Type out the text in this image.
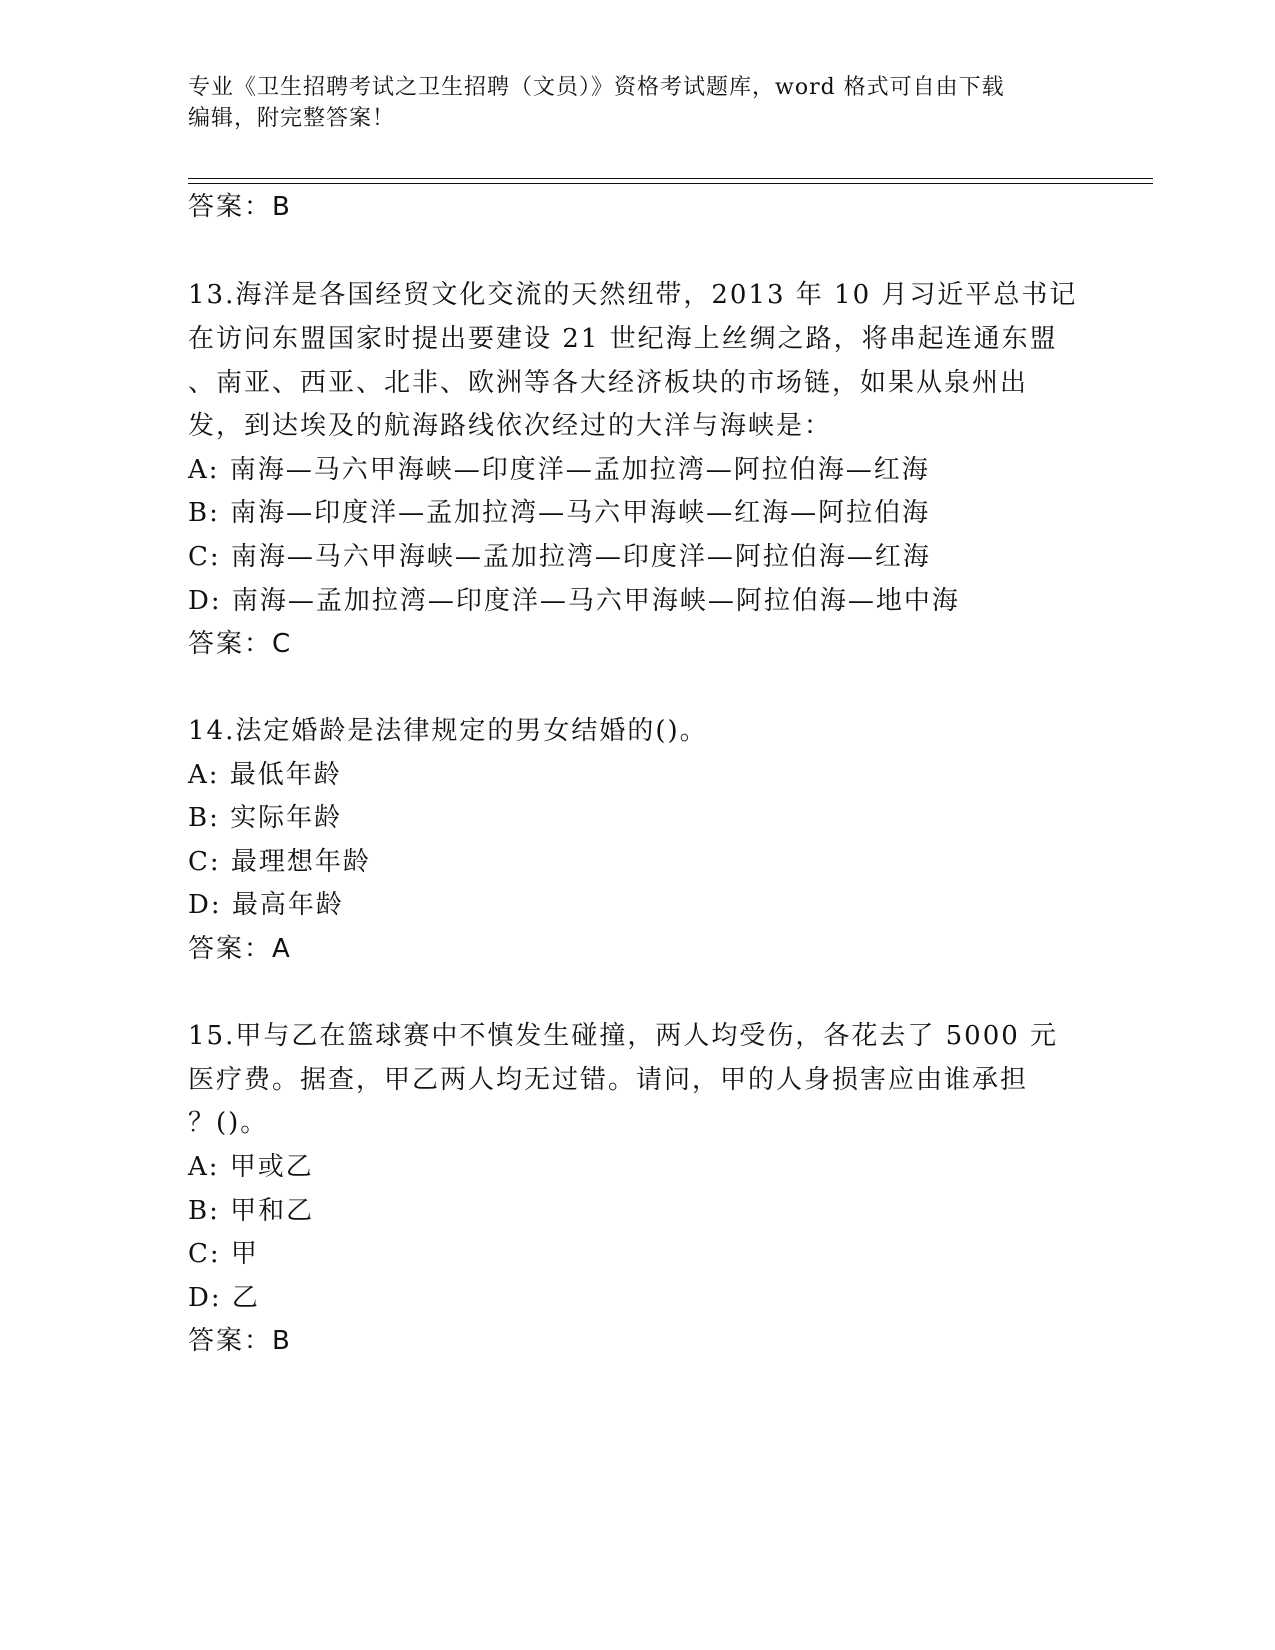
专业《卫生招聘考试之卫生招聘（文员）》资格考试题库，word 格式可自由下载
编辑，附完整答案！
答案：B
13.海洋是各国经贸文化交流的天然纽带，2013 年 10 月习近平总书记
在访问东盟国家时提出要建设 21 世纪海上丝绸之路，将串起连通东盟
、南亚、西亚、北非、欧洲等各大经济板块的市场链，如果从泉州出
发，到达埃及的航海路线依次经过的大洋与海峡是：
A: 南海—马六甲海峡—印度洋—孟加拉湾—阿拉伯海—红海
B: 南海—印度洋—孟加拉湾—马六甲海峡—红海—阿拉伯海
C: 南海—马六甲海峡—孟加拉湾—印度洋—阿拉伯海—红海
D: 南海—孟加拉湾—印度洋—马六甲海峡—阿拉伯海—地中海
答案：C
14.法定婚龄是法律规定的男女结婚的()。
A: 最低年龄
B: 实际年龄
C: 最理想年龄
D: 最高年龄
答案：A
15.甲与乙在篮球赛中不慎发生碰撞，两人均受伤，各花去了 5000 元
医疗费。据查，甲乙两人均无过错。请问，甲的人身损害应由谁承担
？()。
A: 甲或乙
B: 甲和乙
C: 甲
D: 乙
答案：B
